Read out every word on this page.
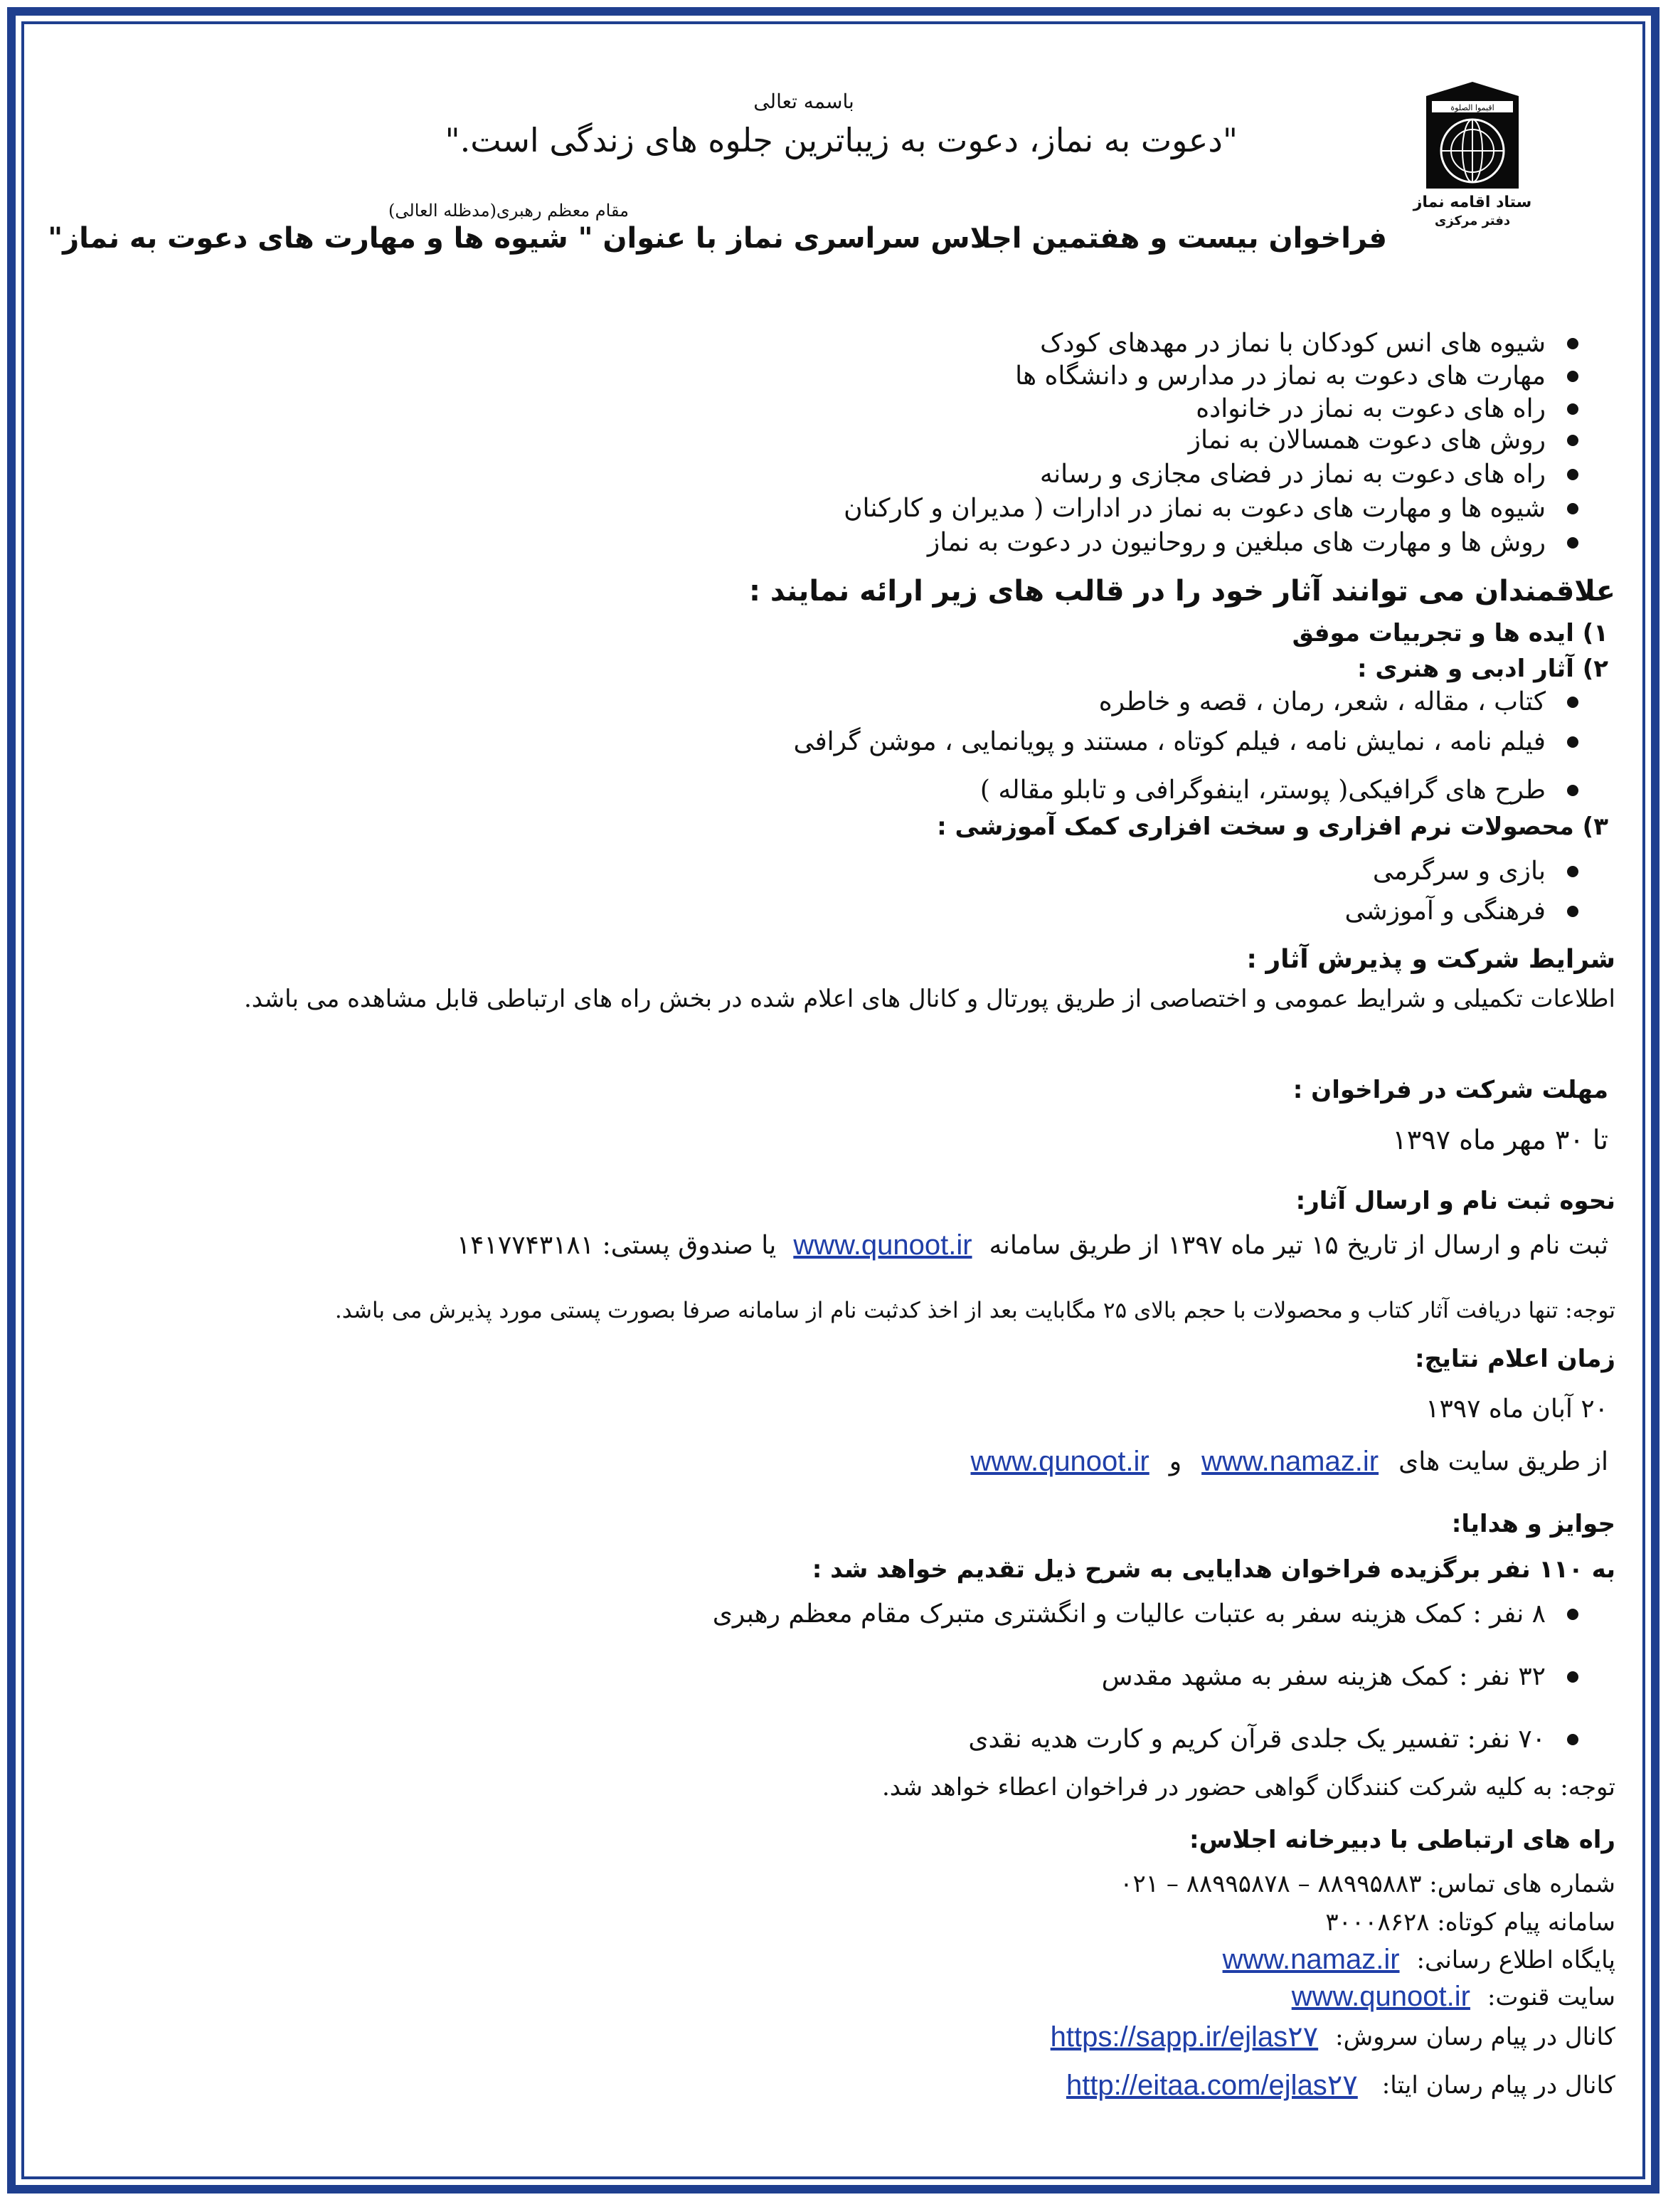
اقیموا الصلوة
ستاد اقامه نماز
دفتر مرکزی
باسمه تعالی
"دعوت به نماز، دعوت به زیباترین جلوه های زندگی است."
مقام معظم رهبری(مدظله العالی)
فراخوان بیست و هفتمین اجلاس سراسری نماز با عنوان " شیوه ها و مهارت های دعوت به نماز"
شیوه های انس کودکان با نماز در مهدهای کودک
مهارت های دعوت به نماز در مدارس و دانشگاه ها
راه های دعوت به نماز در خانواده
روش های دعوت همسالان به نماز
راه های دعوت به نماز در فضای مجازی و رسانه
شیوه ها و مهارت های دعوت به نماز در ادارات ( مدیران و کارکنان
روش ها و مهارت های مبلغین و روحانیون در دعوت به نماز
علاقمندان می توانند آثار خود را در قالب های زیر ارائه نمایند :
۱) ایده ها و تجربیات موفق
۲) آثار ادبی و هنری :
کتاب ، مقاله ، شعر، رمان ، قصه و خاطره
فیلم نامه ، نمایش نامه ، فیلم کوتاه ، مستند و پویانمایی ، موشن گرافی
طرح های گرافیکی( پوستر، اینفوگرافی و تابلو مقاله )
۳) محصولات نرم افزاری و سخت افزاری کمک آموزشی :
بازی و سرگرمی
فرهنگی و آموزشی
شرایط شرکت و پذیرش آثار :
اطلاعات تکمیلی و شرایط عمومی و اختصاصی از طریق پورتال و کانال های اعلام شده در بخش راه های ارتباطی قابل مشاهده می باشد.
مهلت شرکت در فراخوان :
تا ۳۰ مهر ماه ۱۳۹۷
نحوه ثبت نام و ارسال آثار:
ثبت نام و ارسال از تاریخ ۱۵ تیر ماه ۱۳۹۷ از طریق سامانه
www.qunoot.ir
یا صندوق پستی: ۱۴۱۷۷۴۳۱۸۱
توجه: تنها دریافت آثار کتاب و محصولات با حجم بالای ۲۵ مگابایت بعد از اخذ کدثبت نام از سامانه صرفا بصورت پستی مورد پذیرش می باشد.
زمان اعلام نتایج:
۲۰ آبان ماه ۱۳۹۷
از طریق سایت های
www.namaz.ir
و
www.qunoot.ir
جوایز و هدایا:
به ۱۱۰ نفر برگزیده فراخوان هدایایی به شرح ذیل تقدیم خواهد شد :
۸ نفر : کمک هزینه سفر به عتبات عالیات و انگشتری متبرک مقام معظم رهبری
۳۲ نفر : کمک هزینه سفر به مشهد مقدس
۷۰ نفر: تفسیر یک جلدی قرآن کریم و کارت هدیه نقدی
توجه: به کلیه شرکت کنندگان گواهی حضور در فراخوان اعطاء خواهد شد.
راه های ارتباطی با دبیرخانه اجلاس:
شماره های تماس: ۸۸۹۹۵۸۸۳ – ۸۸۹۹۵۸۷۸ – ۰۲۱
سامانه پیام کوتاه: ۳۰۰۰۸۶۲۸
پایگاه اطلاع رسانی:
www.namaz.ir
سایت قنوت:
www.qunoot.ir
کانال در پیام رسان سروش:
https://sapp.ir/ejlas۲۷
کانال در پیام رسان ایتا:
http://eitaa.com/ejlas۲۷
